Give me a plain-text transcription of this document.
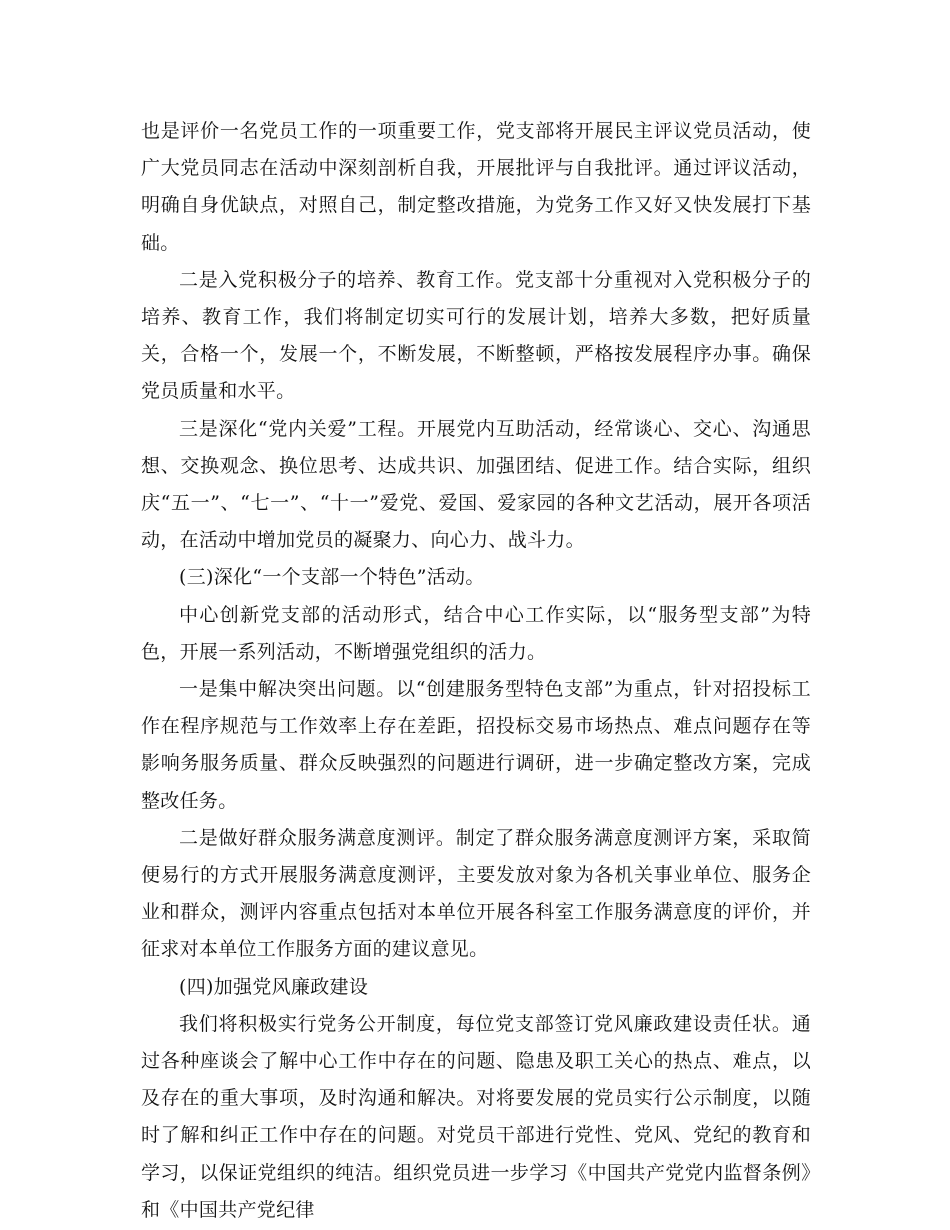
也是评价一名党员工作的一项重要工作，党支部将开展民主评议党员活动，使广大党员同志在活动中深刻剖析自我，开展批评与自我批评。通过评议活动，明确自身优缺点，对照自己，制定整改措施，为党务工作又好又快发展打下基础。

二是入党积极分子的培养、教育工作。党支部十分重视对入党积极分子的培养、教育工作，我们将制定切实可行的发展计划，培养大多数，把好质量关，合格一个，发展一个，不断发展，不断整顿，严格按发展程序办事。确保党员质量和水平。

三是深化“党内关爱”工程。开展党内互助活动，经常谈心、交心、沟通思想、交换观念、换位思考、达成共识、加强团结、促进工作。结合实际，组织庆“五一”、“七一”、“十一”爱党、爱国、爱家园的各种文艺活动，展开各项活动，在活动中增加党员的凝聚力、向心力、战斗力。

(三)深化“一个支部一个特色”活动。

中心创新党支部的活动形式，结合中心工作实际，以“服务型支部”为特色，开展一系列活动，不断增强党组织的活力。

一是集中解决突出问题。以“创建服务型特色支部”为重点，针对招投标工作在程序规范与工作效率上存在差距，招投标交易市场热点、难点问题存在等影响务服务质量、群众反映强烈的问题进行调研，进一步确定整改方案，完成整改任务。

二是做好群众服务满意度测评。制定了群众服务满意度测评方案，采取简便易行的方式开展服务满意度测评，主要发放对象为各机关事业单位、服务企业和群众，测评内容重点包括对本单位开展各科室工作服务满意度的评价，并征求对本单位工作服务方面的建议意见。

(四)加强党风廉政建设

我们将积极实行党务公开制度，每位党支部签订党风廉政建设责任状。通过各种座谈会了解中心工作中存在的问题、隐患及职工关心的热点、难点，以及存在的重大事项，及时沟通和解决。对将要发展的党员实行公示制度，以随时了解和纠正工作中存在的问题。对党员干部进行党性、党风、党纪的教育和学习，以保证党组织的纯洁。组织党员进一步学习《中国共产党党内监督条例》和《中国共产党纪律
